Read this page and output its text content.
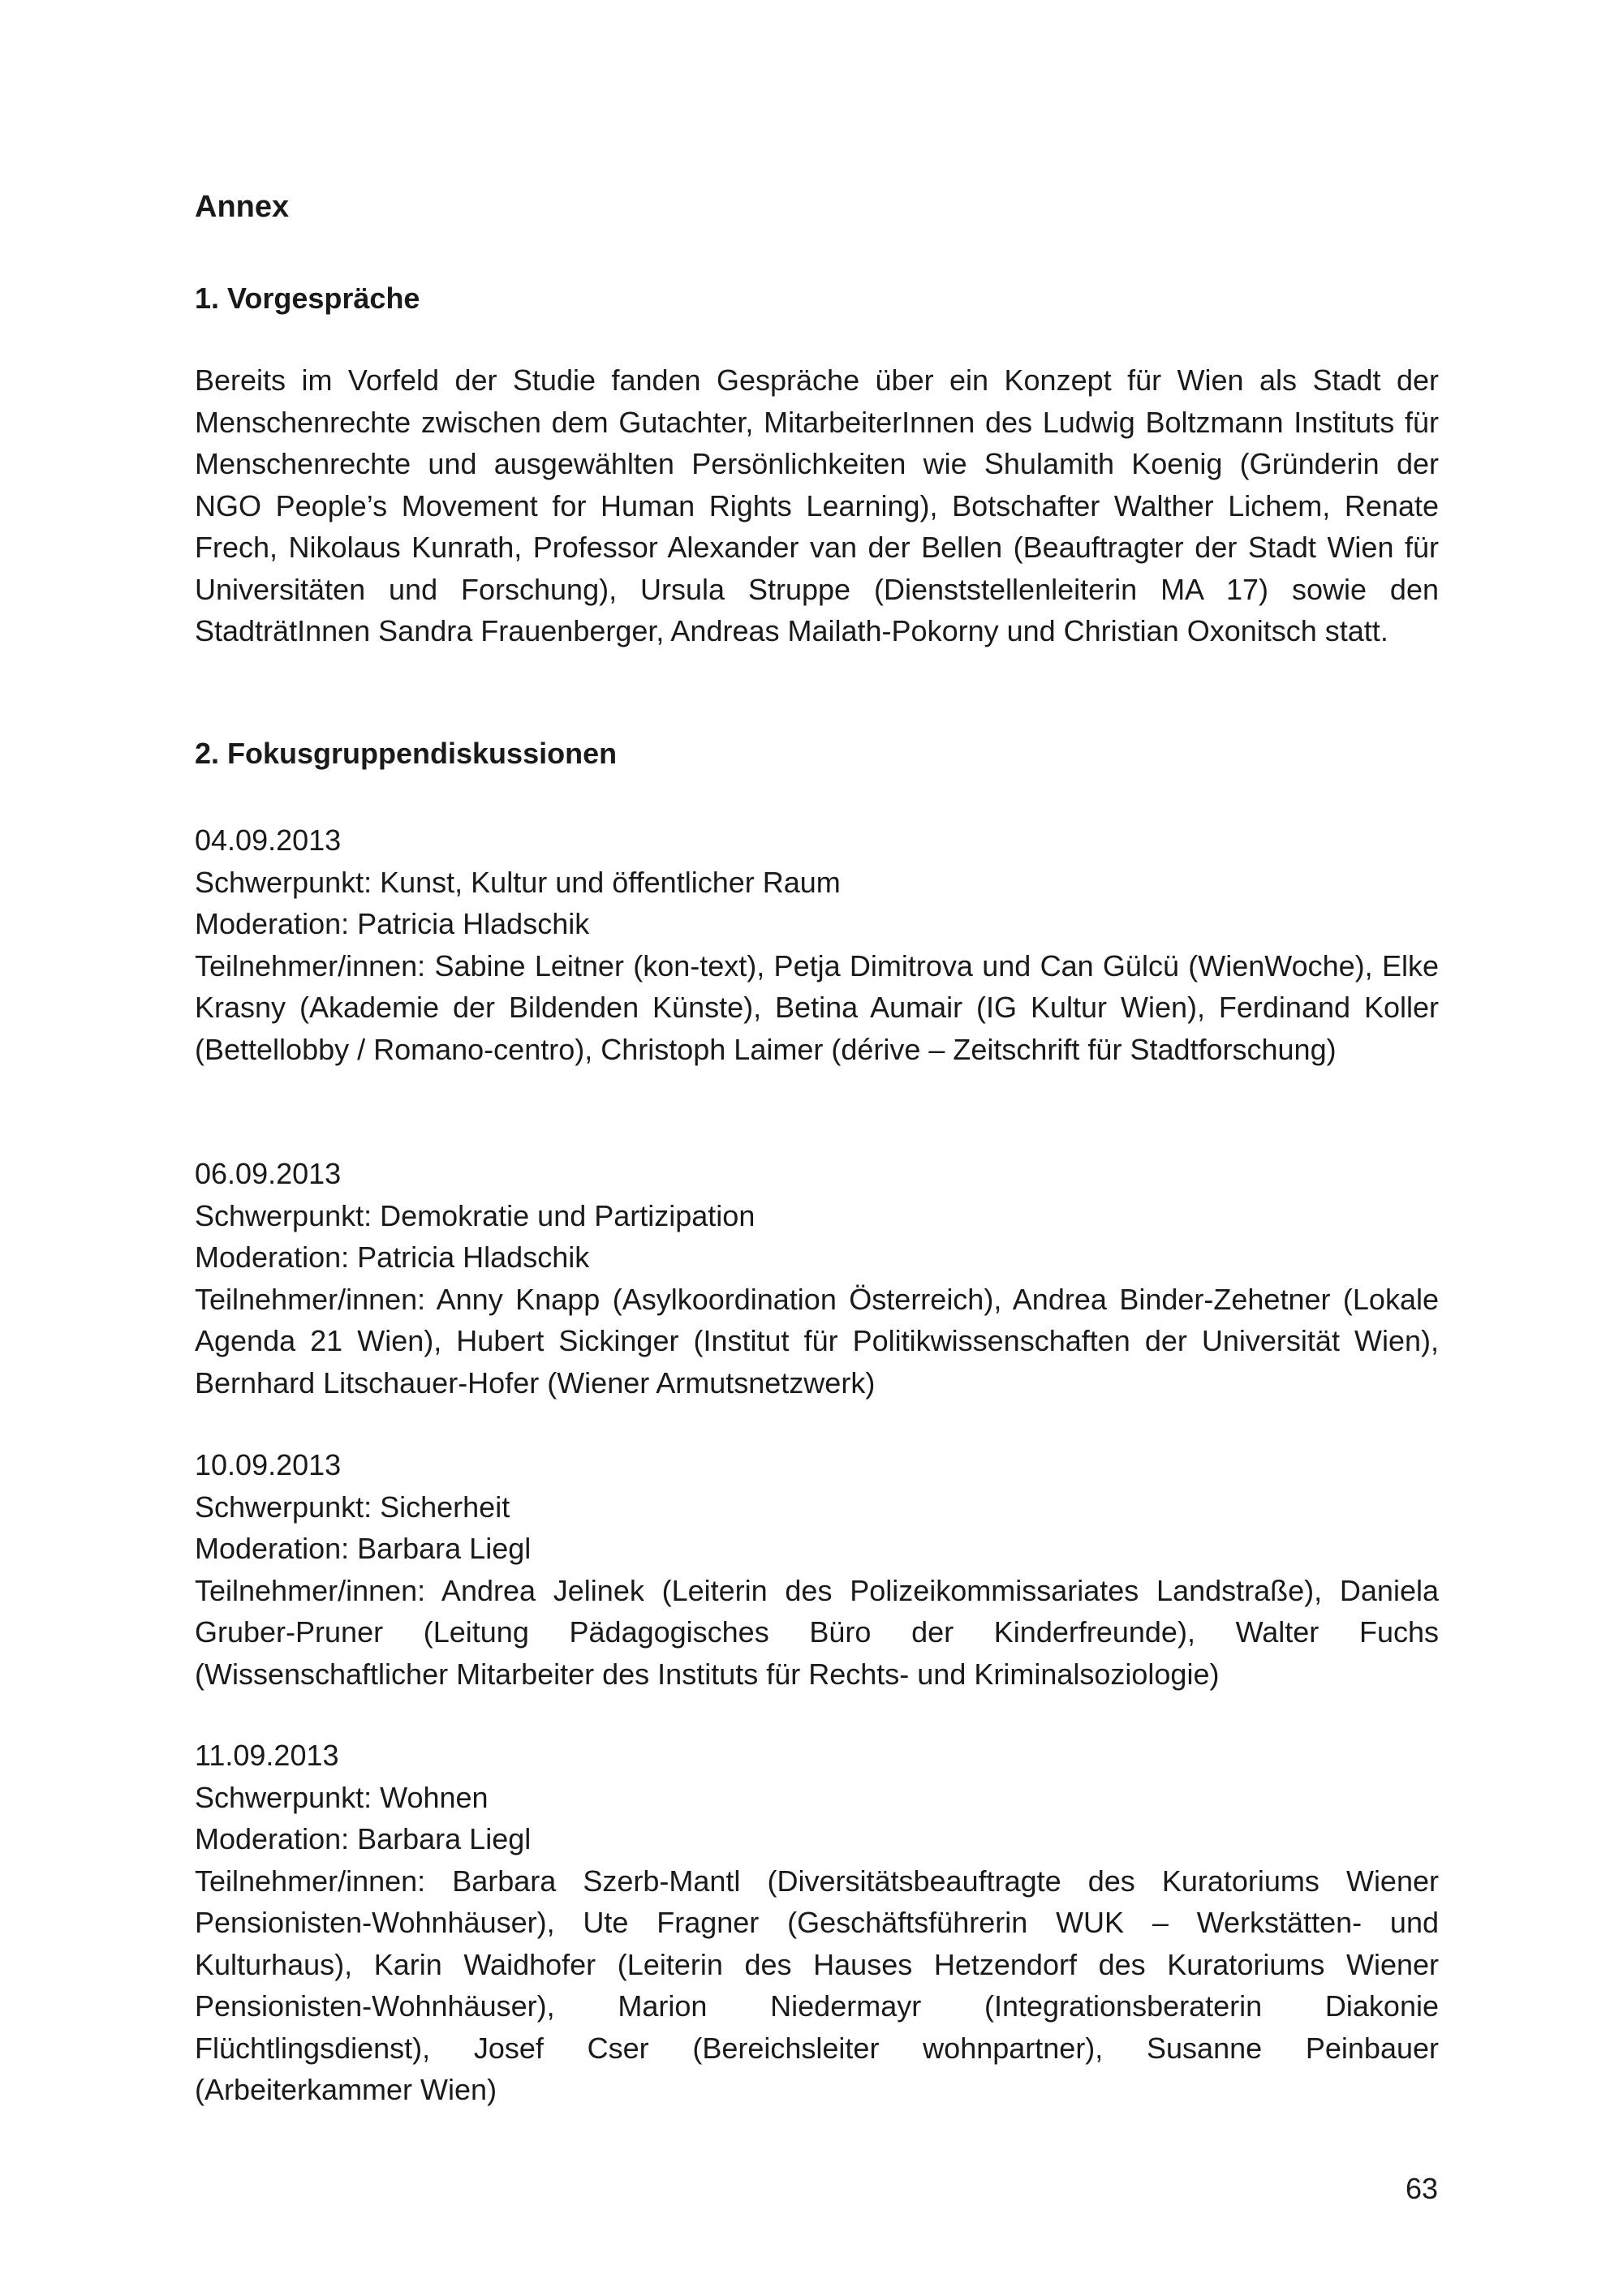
Annex
1. Vorgespräche

Bereits im Vorfeld der Studie fanden Gespräche über ein Konzept für Wien als Stadt der Menschenrechte zwischen dem Gutachter, MitarbeiterInnen des Ludwig Boltzmann Instituts für Menschenrechte und ausgewählten Persönlichkeiten wie Shulamith Koenig (Gründerin der NGO People’s Movement for Human Rights Learning), Botschafter Walther Lichem, Renate Frech, Nikolaus Kunrath, Professor Alexander van der Bellen (Beauftragter der Stadt Wien für Universitäten und Forschung), Ursula Struppe (Dienststellenleiterin MA 17) sowie den StadträtInnen Sandra Frauenberger, Andreas Mailath-Pokorny und Christian Oxonitsch statt.

2. Fokusgruppendiskussionen
04.09.2013
Schwerpunkt: Kunst, Kultur und öffentlicher Raum
Moderation: Patricia Hladschik

Teilnehmer/innen: Sabine Leitner (kon-text), Petja Dimitrova und Can Gülcü (WienWoche), Elke Krasny (Akademie der Bildenden Künste), Betina Aumair (IG Kultur Wien), Ferdinand Koller (Bettellobby / Romano-centro), Christoph Laimer (dérive – Zeitschrift für Stadtforschung)

06.09.2013
Schwerpunkt: Demokratie und Partizipation
Moderation: Patricia Hladschik

Teilnehmer/innen: Anny Knapp (Asylkoordination Österreich), Andrea Binder-Zehetner (Lokale Agenda 21 Wien), Hubert Sickinger (Institut für Politikwissenschaften der Universität Wien), Bernhard Litschauer-Hofer (Wiener Armutsnetzwerk)

10.09.2013
Schwerpunkt: Sicherheit
Moderation: Barbara Liegl

Teilnehmer/innen: Andrea Jelinek (Leiterin des Polizeikommissariates Landstraße), Daniela Gruber-Pruner (Leitung Pädagogisches Büro der Kinderfreunde), Walter Fuchs (Wissenschaftlicher Mitarbeiter des Instituts für Rechts- und Kriminalsoziologie)

11.09.2013
Schwerpunkt: Wohnen
Moderation: Barbara Liegl

Teilnehmer/innen: Barbara Szerb-Mantl (Diversitätsbeauftragte des Kuratoriums Wiener Pensionisten-Wohnhäuser), Ute Fragner (Geschäftsführerin WUK – Werkstätten- und Kulturhaus), Karin Waidhofer (Leiterin des Hauses Hetzendorf des Kuratoriums Wiener Pensionisten-Wohnhäuser), Marion Niedermayr (Integrationsberaterin Diakonie Flüchtlingsdienst), Josef Cser (Bereichsleiter wohnpartner), Susanne Peinbauer (Arbeiterkammer Wien)

63
